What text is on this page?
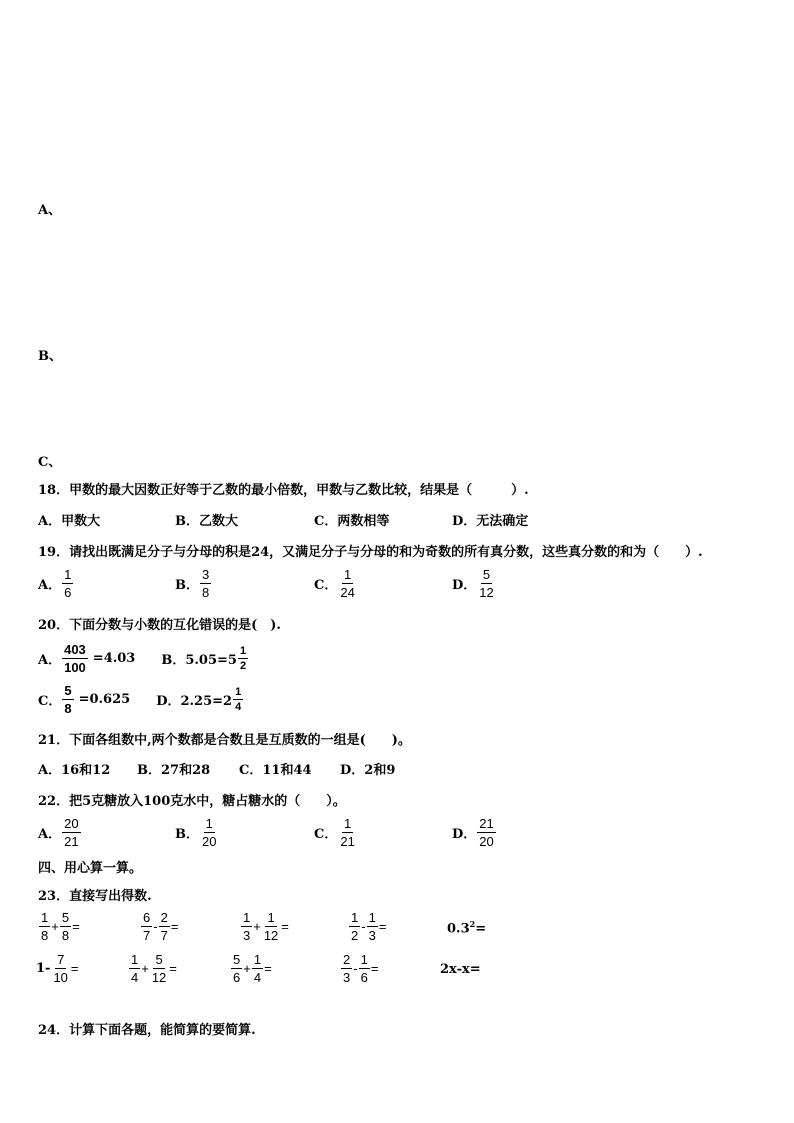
A、
B、
C、
18．甲数的最大因数正好等于乙数的最小倍数，甲数与乙数比较，结果是（　　　）.
A．甲数大	B．乙数大	C．两数相等	D．无法确定
19．请找出既满足分子与分母的积是24，又满足分子与分母的和为奇数的所有真分数，这些真分数的和为（　　）.
A． $\frac{1}{6}$	B． $\frac{3}{8}$	C． $\frac{1}{24}$	D． $\frac{5}{12}$
20．下面分数与小数的互化错误的是(　).
A． $\frac{403}{100} =4.03$ B．$5.05=5 \frac{1}{2}$
C． $\frac{5}{8} =0.625$ D．$2.25=2 \frac{1}{4}$
21．下面各组数中,两个数都是合数且是互质数的一组是(　　)。
A．16和12 B．27和28 C．11和44 D．2和9
22．把5克糖放入100克水中，糖占糖水的（　　）。
A． $\frac{20}{21}$	B． $\frac{1}{20}$	C． $\frac{1}{21}$	D． $\frac{21}{20}$
四、用心算一算。
23．直接写出得数.
$\frac{1}{8} + \frac{5}{8}$ =	$\frac{6}{7} - \frac{2}{7}$ =	$\frac{1}{3} + \frac{1}{12}$ =	$\frac{1}{2} - \frac{1}{3}$ =	$0.3^2=$
$1- \frac{7}{10}$ =	$\frac{1}{4} + \frac{5}{12}$ =	$\frac{5}{6} + \frac{1}{4}$ =	$\frac{2}{3} - \frac{1}{6}$ =	2x-x=
24．计算下面各题，能简算的要简算.
